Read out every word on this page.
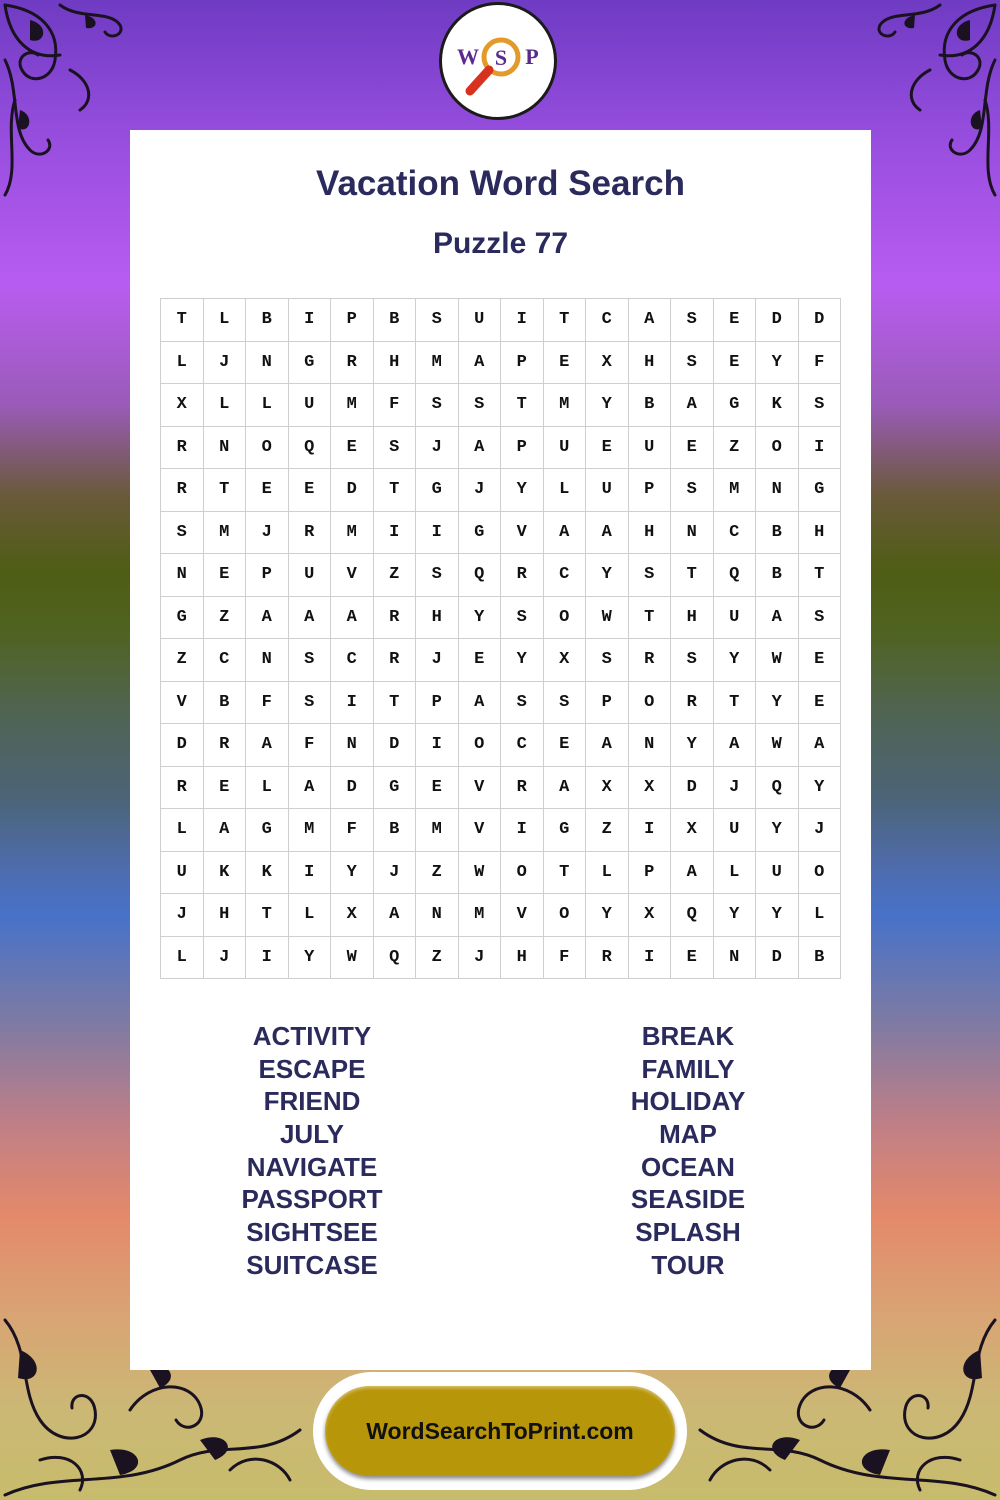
W S P
Vacation Word Search
Puzzle 77
T	L	B	I	P	B	S	U	I	T	C	A	S	E	D	D
L	J	N	G	R	H	M	A	P	E	X	H	S	E	Y	F
X	L	L	U	M	F	S	S	T	M	Y	B	A	G	K	S
R	N	O	Q	E	S	J	A	P	U	E	U	E	Z	O	I
R	T	E	E	D	T	G	J	Y	L	U	P	S	M	N	G
S	M	J	R	M	I	I	G	V	A	A	H	N	C	B	H
N	E	P	U	V	Z	S	Q	R	C	Y	S	T	Q	B	T
G	Z	A	A	A	R	H	Y	S	O	W	T	H	U	A	S
Z	C	N	S	C	R	J	E	Y	X	S	R	S	Y	W	E
V	B	F	S	I	T	P	A	S	S	P	O	R	T	Y	E
D	R	A	F	N	D	I	O	C	E	A	N	Y	A	W	A
R	E	L	A	D	G	E	V	R	A	X	X	D	J	Q	Y
L	A	G	M	F	B	M	V	I	G	Z	I	X	U	Y	J
U	K	K	I	Y	J	Z	W	O	T	L	P	A	L	U	O
J	H	T	L	X	A	N	M	V	O	Y	X	Q	Y	Y	L
L	J	I	Y	W	Q	Z	J	H	F	R	I	E	N	D	B
ACTIVITY
ESCAPE
FRIEND
JULY
NAVIGATE
PASSPORT
SIGHTSEE
SUITCASE
BREAK
FAMILY
HOLIDAY
MAP
OCEAN
SEASIDE
SPLASH
TOUR
WordSearchToPrint.com
